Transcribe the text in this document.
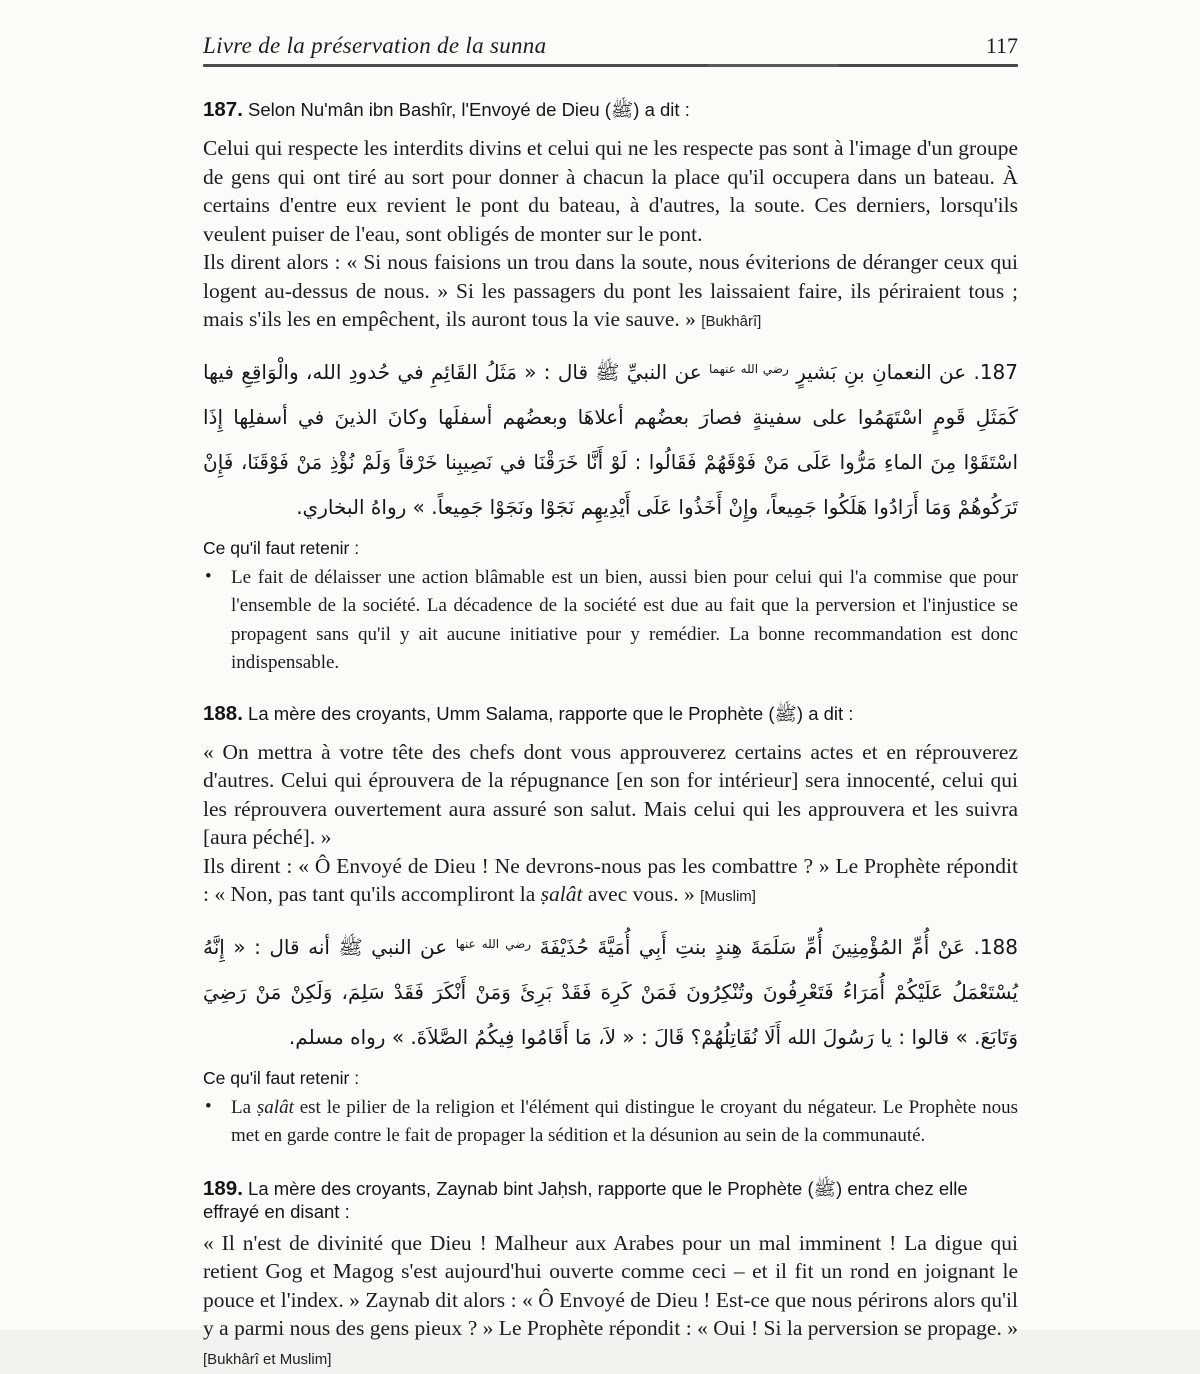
Livre de la préservation de la sunna	117

187. Selon Nu'mân ibn Bashîr, l'Envoyé de Dieu (ﷺ) a dit :

Celui qui respecte les interdits divins et celui qui ne les respecte pas sont à l'image d'un groupe de gens qui ont tiré au sort pour donner à chacun la place qu'il occupera dans un bateau. À certains d'entre eux revient le pont du bateau, à d'autres, la soute. Ces derniers, lorsqu'ils veulent puiser de l'eau, sont obligés de monter sur le pont.

Ils dirent alors : « Si nous faisions un trou dans la soute, nous éviterions de déranger ceux qui logent au-dessus de nous. » Si les passagers du pont les laissaient faire, ils périraient tous ; mais s'ils les en empêchent, ils auront tous la vie sauve. » [Bukhârî]

187. عن النعمانِ بنِ بَشيرٍ $^{رضي الله عنهما}$ عن النبيِّ ﷺ قال : « مَثَلُ القَائِمِ في حُدودِ الله، والْوَاقِعِ فيها كَمَثَلِ قَومٍ اسْتَهَمُوا على سفينةٍ فصارَ بعضُهم أعلاهَا وبعضُهم أسفلَها وكانَ الذينَ في أسفلِها إِذَا اسْتَقَوْا مِنَ الماءِ مَرُّوا عَلَى مَنْ فَوْقَهُمْ فَقَالُوا : لَوْ أَنَّا خَرَقْنَا في نَصِيبِنا خَرْقاً وَلَمْ نُؤْذِ مَنْ فَوْقَنَا، فَإِنْ تَرَكُوهُمْ وَمَا أَرَادُوا هَلَكُوا جَمِيعاً، وإِنْ أَخَذُوا عَلَى أَيْدِيهِم نَجَوْا ونَجَوْا جَمِيعاً. » رواهُ البخاري.

Ce qu'il faut retenir :

• Le fait de délaisser une action blâmable est un bien, aussi bien pour celui qui l'a commise que pour l'ensemble de la société. La décadence de la société est due au fait que la perversion et l'injustice se propagent sans qu'il y ait aucune initiative pour y remédier. La bonne recommandation est donc indispensable.

188. La mère des croyants, Umm Salama, rapporte que le Prophète (ﷺ) a dit :

« On mettra à votre tête des chefs dont vous approuverez certains actes et en réprouverez d'autres. Celui qui éprouvera de la répugnance [en son for intérieur] sera innocenté, celui qui les réprouvera ouvertement aura assuré son salut. Mais celui qui les approuvera et les suivra [aura péché]. »

Ils dirent : « Ô Envoyé de Dieu ! Ne devrons-nous pas les combattre ? » Le Prophète répondit : « Non, pas tant qu'ils accompliront la ṣalât avec vous. » [Muslim]

188. عَنْ أُمِّ المُؤْمِنِينَ أُمِّ سَلَمَةَ هِندٍ بنتِ أَبِي أُمَيَّةَ حُذَيْفَةَ $^{رضي الله عنها}$ عن النبي ﷺ أنه قال : « إِنَّهُ يُسْتَعْمَلُ عَلَيْكُمْ أُمَرَاءُ فَتَعْرِفُونَ وتُنْكِرُونَ فَمَنْ كَرِهَ فَقَدْ بَرِئَ وَمَنْ أَنْكَرَ فَقَدْ سَلِمَ، وَلَكِنْ مَنْ رَضِيَ وَتَابَعَ. » قالوا : يا رَسُولَ الله أَلَا نُقَاتِلُهُمْ؟ قَالَ : « لاَ، مَا أَقَامُوا فِيكُمُ الصَّلاَةَ. » رواه مسلم.

Ce qu'il faut retenir :

• La ṣalât est le pilier de la religion et l'élément qui distingue le croyant du négateur. Le Prophète nous met en garde contre le fait de propager la sédition et la désunion au sein de la communauté.

189. La mère des croyants, Zaynab bint Jaḥsh, rapporte que le Prophète (ﷺ) entra chez elle effrayé en disant :

« Il n'est de divinité que Dieu ! Malheur aux Arabes pour un mal imminent ! La digue qui retient Gog et Magog s'est aujourd'hui ouverte comme ceci – et il fit un rond en joignant le pouce et l'index. » Zaynab dit alors : « Ô Envoyé de Dieu ! Est-ce que nous périrons alors qu'il y a parmi nous des gens pieux ? » Le Prophète répondit : « Oui ! Si la perversion se propage. » [Bukhârî et Muslim]
